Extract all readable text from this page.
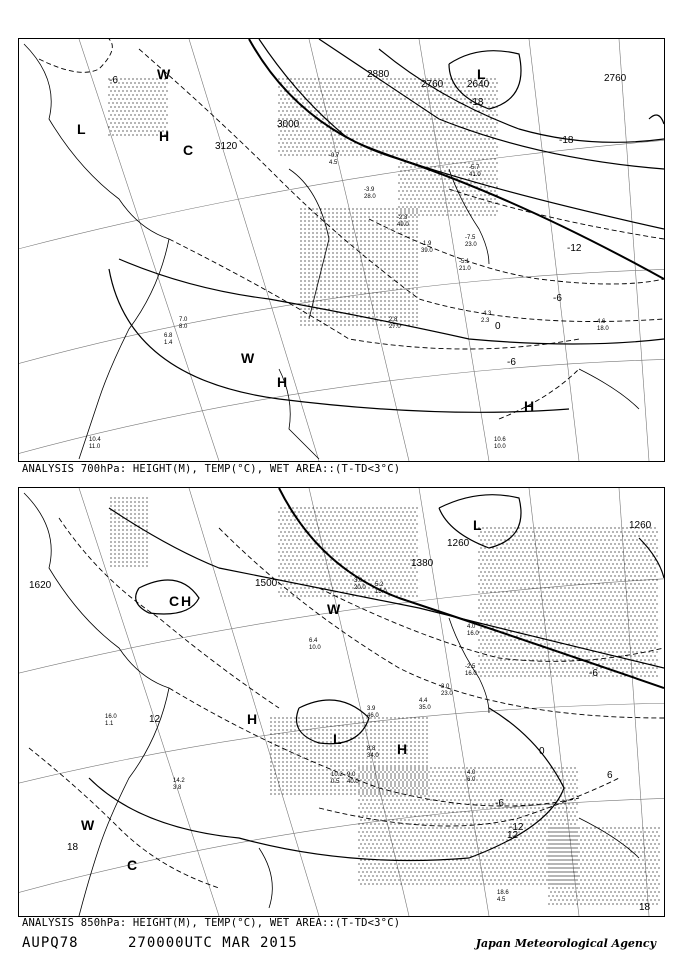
3000
3120
2880
2760 2640
2760
-6
-18
-18
-12
-6
0
-6
L
L	H
H
H
W
W
C
-5.7
41.0
-3.9
28.0
-1.9
39.0
-4.3
2.3	4.6
18.0
2.8
27.0
10.4
11.0
10.6
10.0
7.0
8.0
6.8
1.4
-0.7
4.5
-2.3
49.0
-5.1
21.0
-7.5
23.0
ANALYSIS 700hPa: HEIGHT(M), TEMP(°C), WET AREA::(T-TD<3°C)
1500
1620
1380
1260
1260
-6
-12
-6
0
6
12
12
18
18
L
L
H
H
H
W
W
C
C
3.0
20.0 5.2
15.0
4.0
16.0
-2.5
16.0
6.4
10.0
4.4
35.0
3.0
23.0
3.9
46.0
8.8
34.0
9.0
40.0
10.2
0.5
18.6
4.5
4.0
6.0
16.0
1.1
14.2
3.8
ANALYSIS 850hPa: HEIGHT(M), TEMP(°C), WET AREA::(T-TD<3°C)
AUPQ78	270000UTC MAR 2015	Japan Meteorological Agency
